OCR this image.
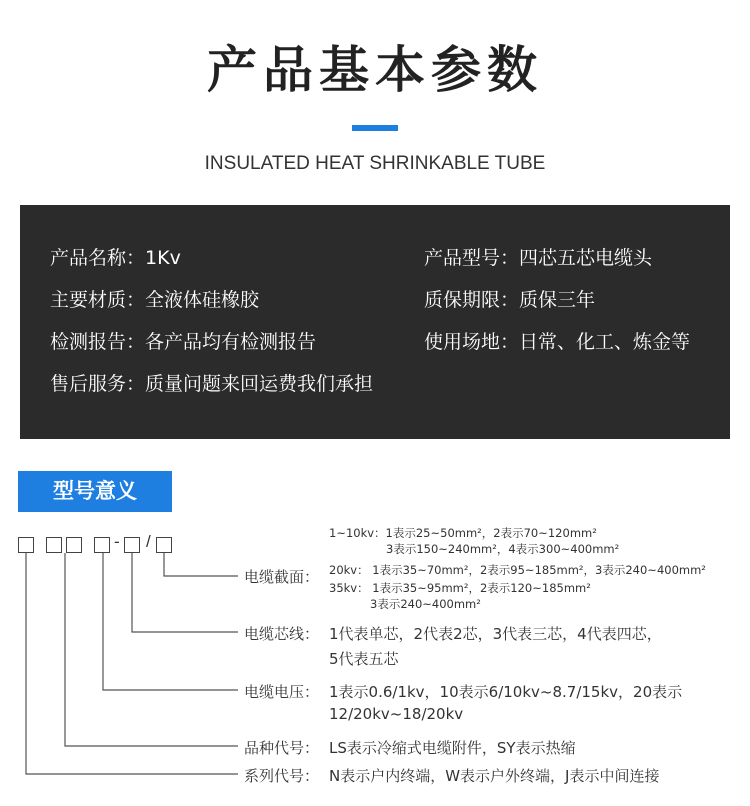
产品基本参数
INSULATED HEAT SHRINKABLE TUBE
产品名称：1Kv	产品型号：四芯五芯电缆头
主要材质：全液体硅橡胶	质保期限：质保三年
检测报告：各产品均有检测报告	使用场地：日常、化工、炼金等
售后服务：质量问题来回运费我们承担
型号意义
- /
电缆截面：
1~10kv：1表示25~50mm²，2表示70~120mm²
3表示150~240mm²，4表示300~400mm²
20kv： 1表示35~70mm²，2表示95~185mm²，3表示240~400mm²
35kv： 1表示35~95mm²，2表示120~185mm²
3表示240~400mm²
电缆芯线： 1代表单芯，2代表2芯，3代表三芯，4代表四芯，
5代表五芯
电缆电压： 1表示0.6/1kv，10表示6/10kv~8.7/15kv，20表示
12/20kv~18/20kv
品种代号： LS表示冷缩式电缆附件，SY表示热缩
系列代号： N表示户内终端，W表示户外终端，J表示中间连接
